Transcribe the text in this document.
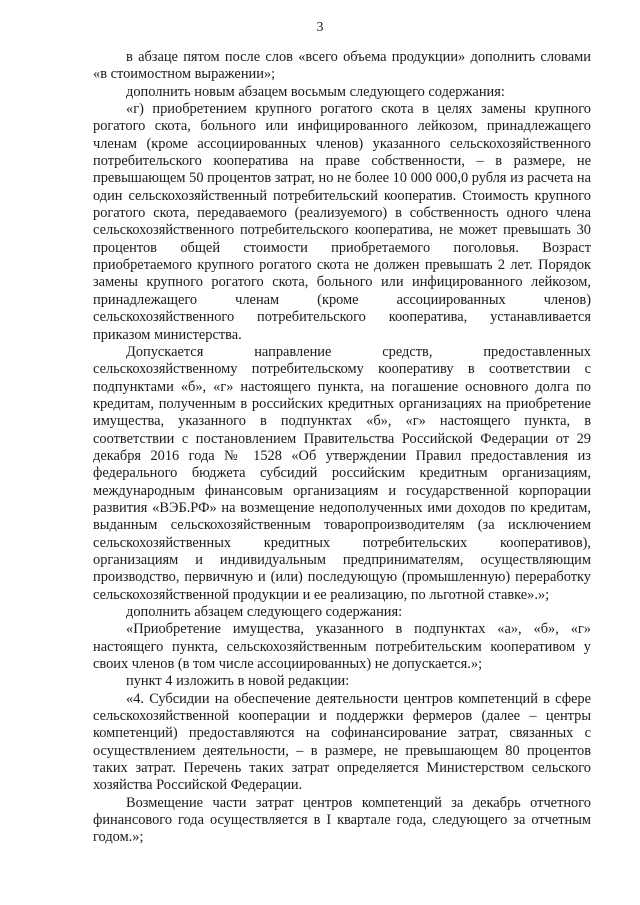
3

в абзаце пятом после слов «всего объема продукции» дополнить словами «в стоимостном выражении»;

дополнить новым абзацем восьмым следующего содержания:

«г) приобретением крупного рогатого скота в целях замены крупного рогатого скота, больного или инфицированного лейкозом, принадлежащего членам (кроме ассоциированных членов) указанного сельскохозяйственного потребительского кооператива на праве собственности, – в размере, не превышающем 50 процентов затрат, но не более 10 000 000,0 рубля из расчета на один сельскохозяйственный потребительский кооператив. Стоимость крупного рогатого скота, передаваемого (реализуемого) в собственность одного члена сельскохозяйственного потребительского кооператива, не может превышать 30 процентов общей стоимости приобретаемого поголовья. Возраст приобретаемого крупного рогатого скота не должен превышать 2 лет. Порядок замены крупного рогатого скота, больного или инфицированного лейкозом, принадлежащего членам (кроме ассоциированных членов) сельскохозяйственного потребительского кооператива, устанавливается приказом министерства.

Допускается направление средств, предоставленных сельскохозяйственному потребительскому кооперативу в соответствии с подпунктами «б», «г» настоящего пункта, на погашение основного долга по кредитам, полученным в российских кредитных организациях на приобретение имущества, указанного в подпунктах «б», «г» настоящего пункта, в соответствии с постановлением Правительства Российской Федерации от 29 декабря 2016 года № 1528 «Об утверждении Правил предоставления из федерального бюджета субсидий российским кредитным организациям, международным финансовым организациям и государственной корпорации развития «ВЭБ.РФ» на возмещение недополученных ими доходов по кредитам, выданным сельскохозяйственным товаропроизводителям (за исключением сельскохозяйственных кредитных потребительских кооперативов), организациям и индивидуальным предпринимателям, осуществляющим производство, первичную и (или) последующую (промышленную) переработку сельскохозяйственной продукции и ее реализацию, по льготной ставке».»;

дополнить абзацем следующего содержания:

«Приобретение имущества, указанного в подпунктах «а», «б», «г» настоящего пункта, сельскохозяйственным потребительским кооперативом у своих членов (в том числе ассоциированных) не допускается.»;

пункт 4 изложить в новой редакции:

«4. Субсидии на обеспечение деятельности центров компетенций в сфере сельскохозяйственной кооперации и поддержки фермеров (далее – центры компетенций) предоставляются на софинансирование затрат, связанных с осуществлением деятельности, – в размере, не превышающем 80 процентов таких затрат. Перечень таких затрат определяется Министерством сельского хозяйства Российской Федерации.

Возмещение части затрат центров компетенций за декабрь отчетного финансового года осуществляется в I квартале года, следующего за отчетным годом.»;
